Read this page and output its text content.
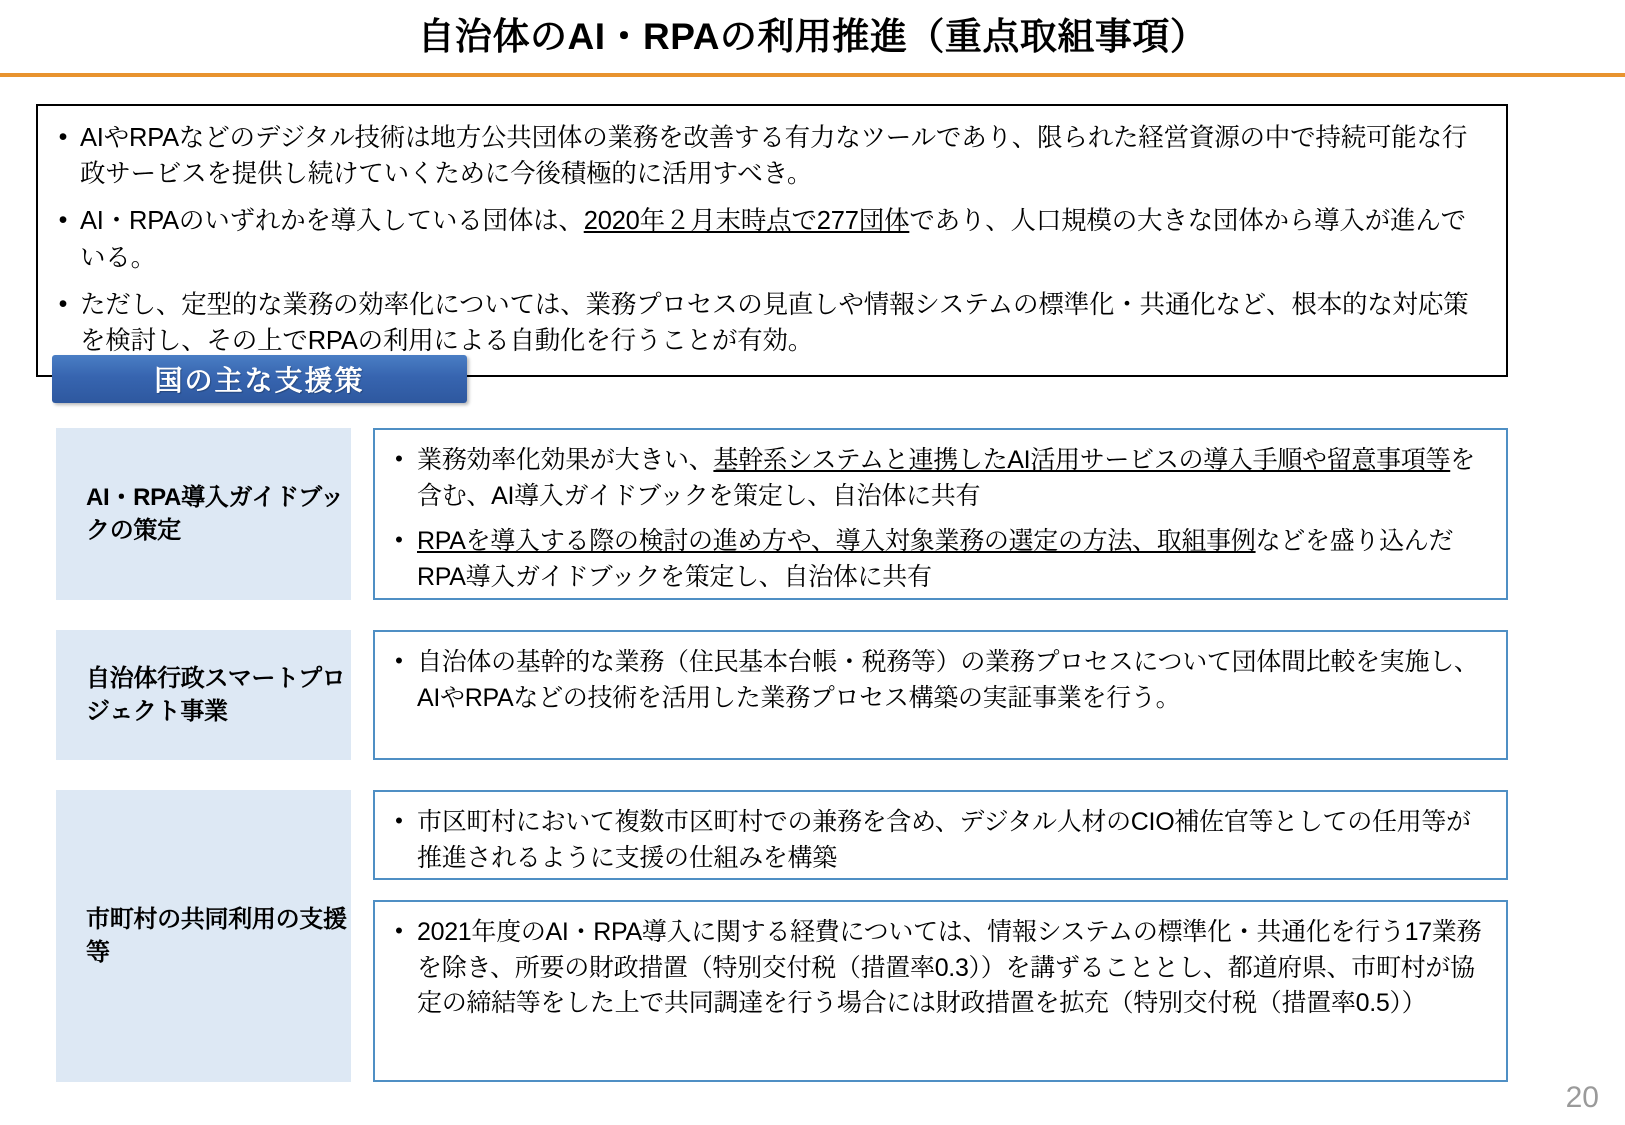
自治体のAI・RPAの利用推進（重点取組事項）
• AIやRPAなどのデジタル技術は地方公共団体の業務を改善する有力なツールであり、限られた経営資源の中で持続可能な行政サービスを提供し続けていくために今後積極的に活用すべき。
• AI・RPAのいずれかを導入している団体は、2020年２月末時点で277団体であり、人口規模の大きな団体から導入が進んでいる。
• ただし、定型的な業務の効率化については、業務プロセスの見直しや情報システムの標準化・共通化など、根本的な対応策を検討し、その上でRPAの利用による自動化を行うことが有効。
国の主な支援策
AI・RPA導入ガイドブックの策定
• 業務効率化効果が大きい、基幹系システムと連携したAI活用サービスの導入手順や留意事項等を含む、AI導入ガイドブックを策定し、自治体に共有
• RPAを導入する際の検討の進め方や、導入対象業務の選定の方法、取組事例などを盛り込んだRPA導入ガイドブックを策定し、自治体に共有
自治体行政スマートプロジェクト事業
• 自治体の基幹的な業務（住民基本台帳・税務等）の業務プロセスについて団体間比較を実施し、AIやRPAなどの技術を活用した業務プロセス構築の実証事業を行う。
市町村の共同利用の支援等
• 市区町村において複数市区町村での兼務を含め、デジタル人材のCIO補佐官等としての任用等が推進されるように支援の仕組みを構築
• 2021年度のAI・RPA導入に関する経費については、情報システムの標準化・共通化を行う17業務を除き、所要の財政措置（特別交付税（措置率0.3））を講ずることとし、都道府県、市町村が協定の締結等をした上で共同調達を行う場合には財政措置を拡充（特別交付税（措置率0.5））
20
